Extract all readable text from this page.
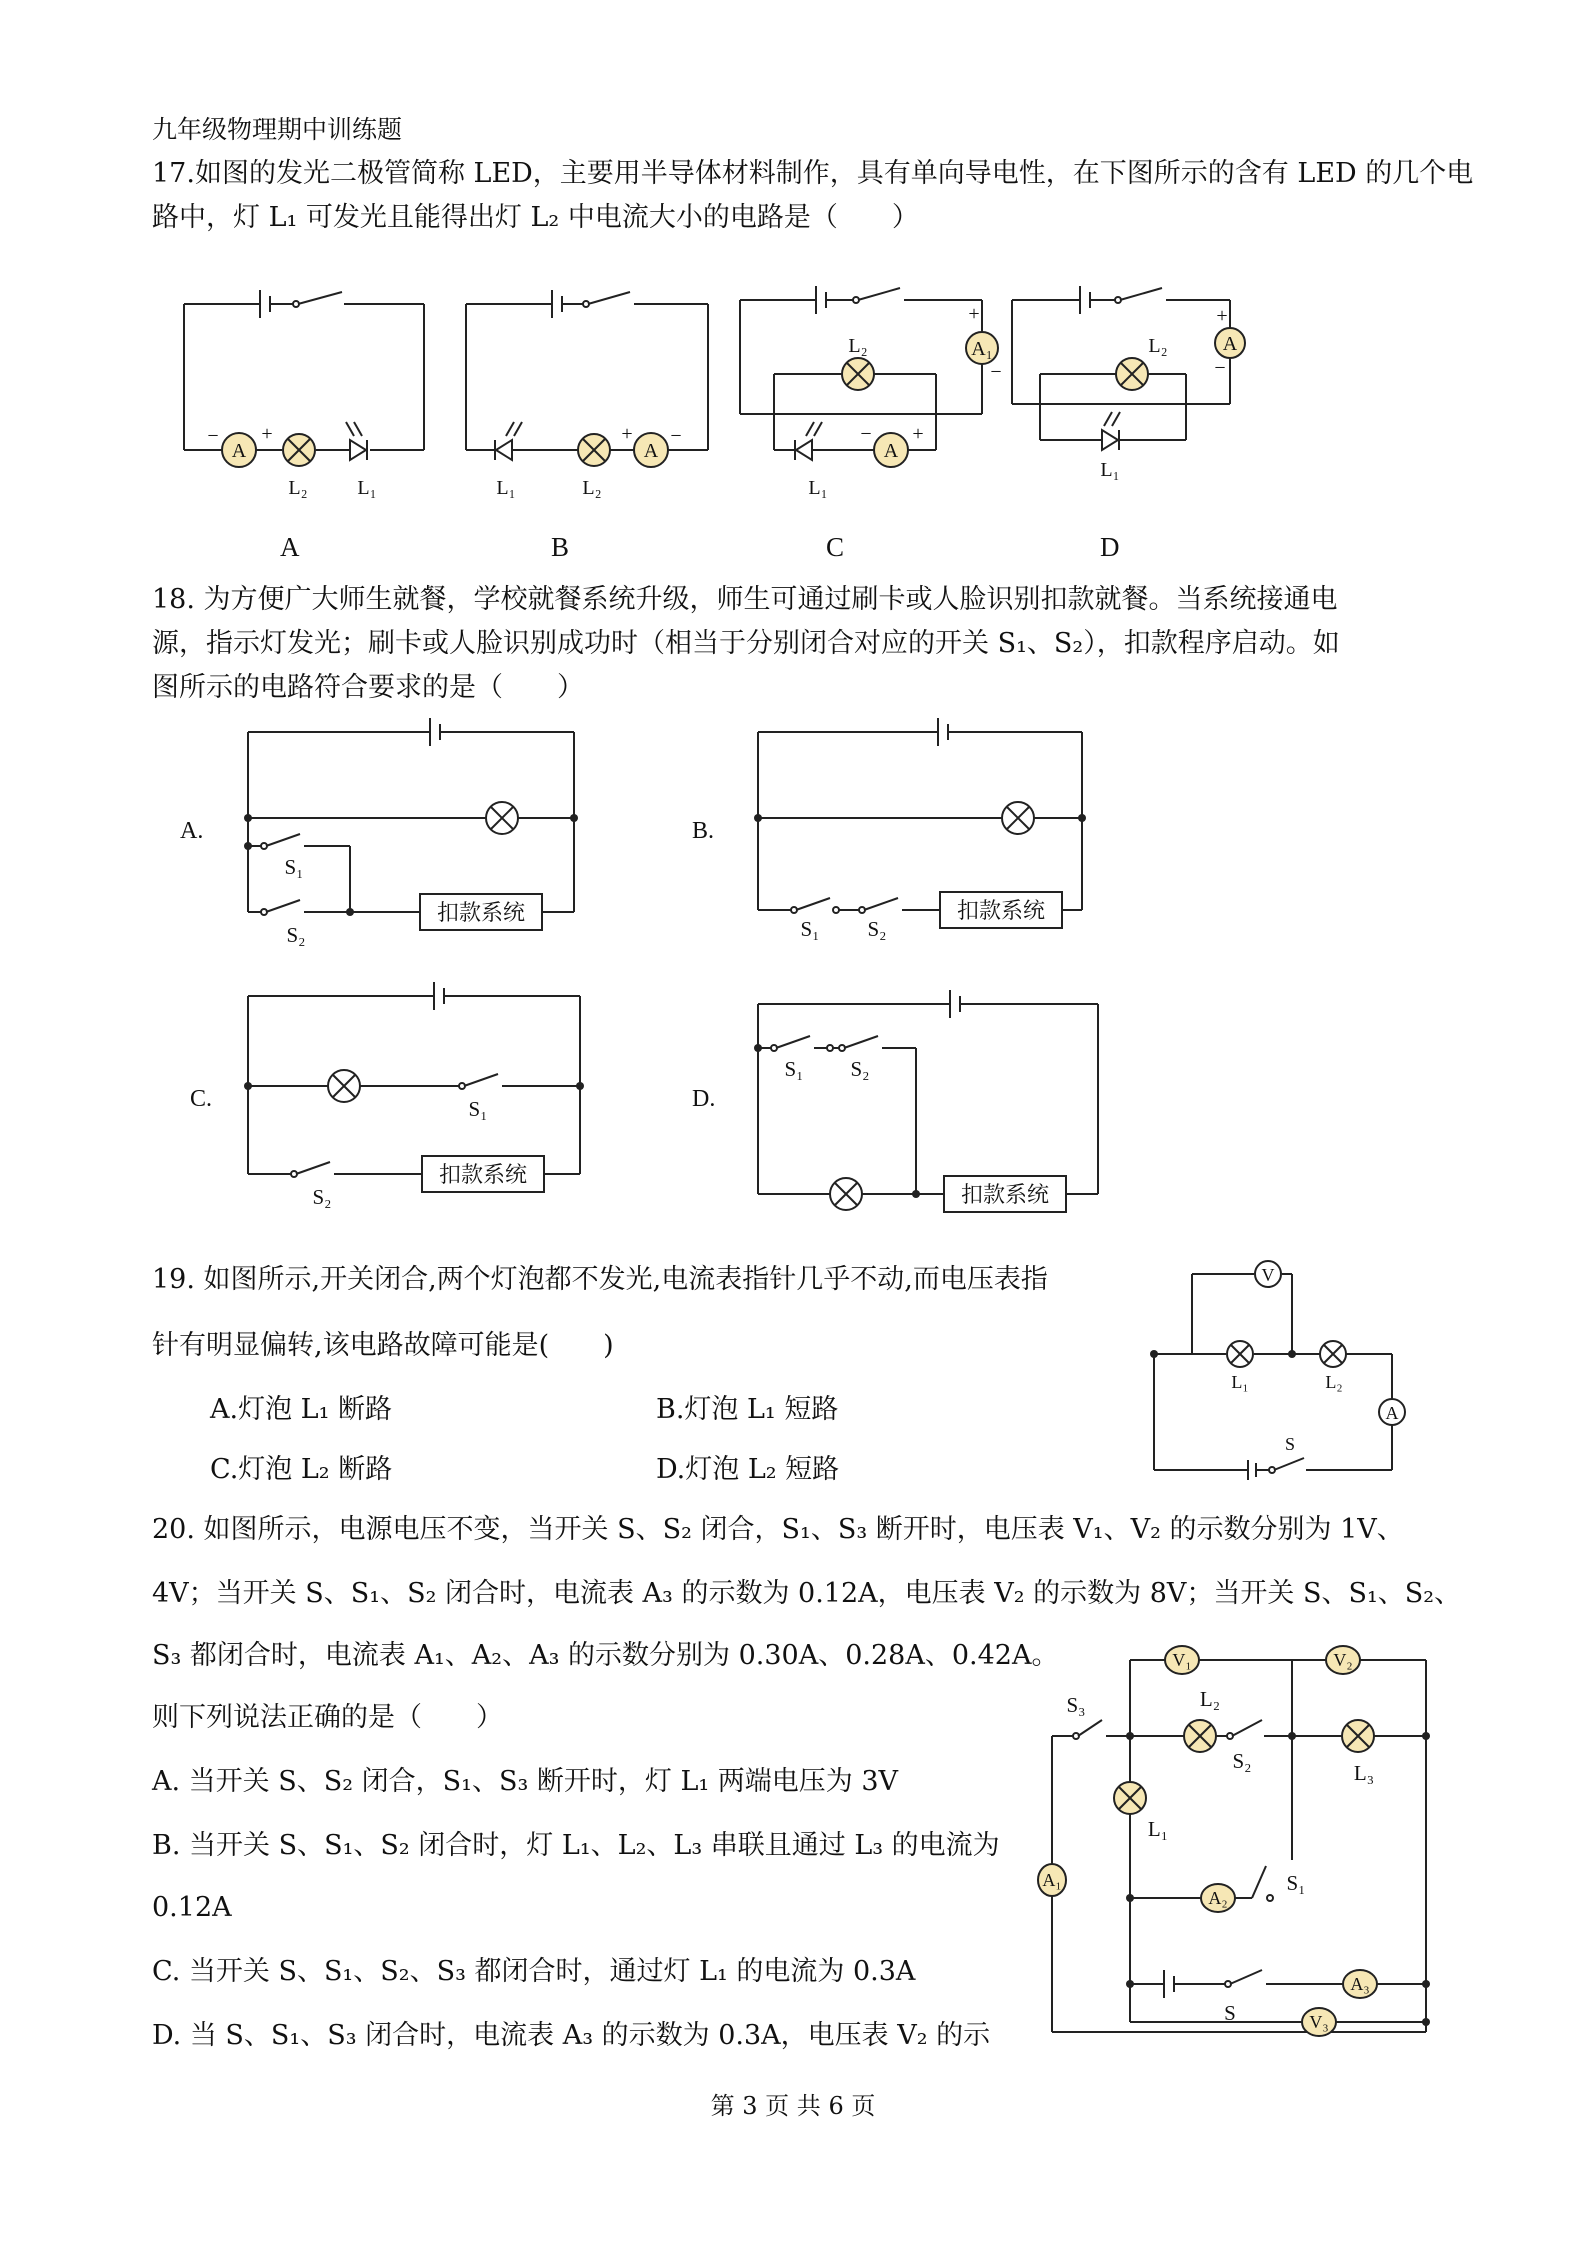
九年级物理期中训练题
17.如图的发光二极管简称 LED，主要用半导体材料制作，具有单向导电性，在下图所示的含有 LED 的几个电
路中，灯 L₁ 可发光且能得出灯 L₂ 中电流大小的电路是（　　）
A	A
A₁
A
A
− +	+ −
+
−
− +
+
−
L₂ L₁	L₁	L₂
L₂
L₁
L₂
L₁
A	B	C	D
18. 为方便广大师生就餐，学校就餐系统升级，师生可通过刷卡或人脸识别扣款就餐。当系统接通电
源，指示灯发光；刷卡或人脸识别成功时（相当于分别闭合对应的开关 S₁、S₂），扣款程序启动。如
图所示的电路符合要求的是（　　）
A.	B.
C.	D.
扣款系统	扣款系统
扣款系统
扣款系统
S₁
S₂	S₁ S₂
S₁
S₂
S₁ S₂
19. 如图所示,开关闭合,两个灯泡都不发光,电流表指针几乎不动,而电压表指
针有明显偏转,该电路故障可能是(　　)
A.灯泡 L₁ 断路	B.灯泡 L₁ 短路
C.灯泡 L₂ 断路	D.灯泡 L₂ 短路
V
A
L₁	L₂
S
20. 如图所示，电源电压不变，当开关 S、S₂ 闭合，S₁、S₃ 断开时，电压表 V₁、V₂ 的示数分别为 1V、
4V；当开关 S、S₁、S₂ 闭合时，电流表 A₃ 的示数为 0.12A，电压表 V₂ 的示数为 8V；当开关 S、S₁、S₂、
S₃ 都闭合时，电流表 A₁、A₂、A₃ 的示数分别为 0.30A、0.28A、0.42A。
则下列说法正确的是（　　）
A. 当开关 S、S₂ 闭合，S₁、S₃ 断开时，灯 L₁ 两端电压为 3V
B. 当开关 S、S₁、S₂ 闭合时，灯 L₁、L₂、L₃ 串联且通过 L₃ 的电流为
0.12A
C. 当开关 S、S₁、S₂、S₃ 都闭合时，通过灯 L₁ 的电流为 0.3A
D. 当 S、S₁、S₃ 闭合时，电流表 A₃ 的示数为 0.3A，电压表 V₂ 的示
V₁	V₂
A₁
A₂
A₃
V₃
S₃	L₂
S₂	L₃
L₁
S₁
S
第 3 页 共 6 页
